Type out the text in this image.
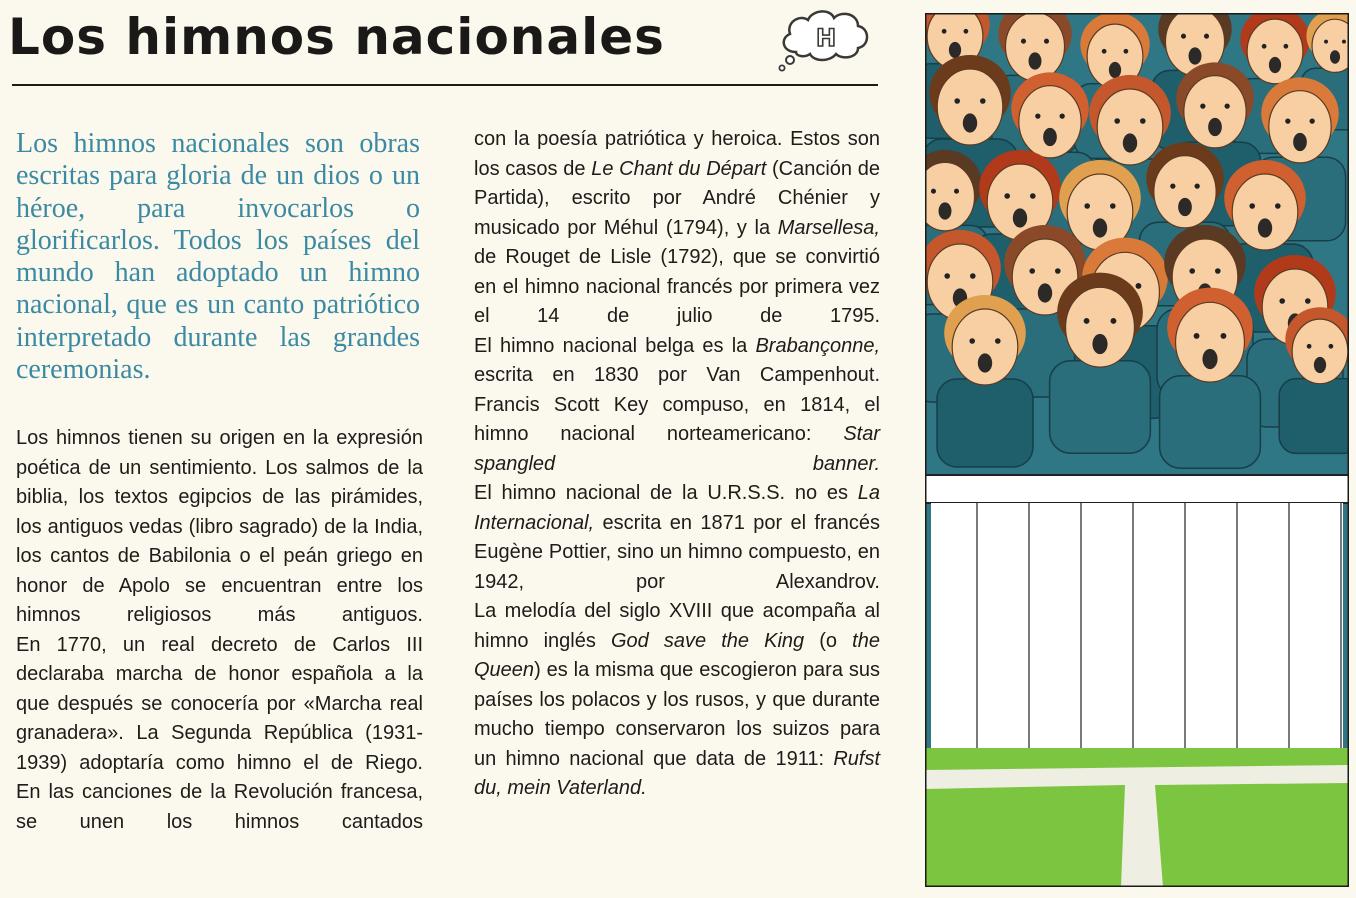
Los himnos nacionales	H

Los himnos nacionales son obras escritas para gloria de un dios o un héroe, para invocarlos o glorificarlos. Todos los países del mundo han adoptado un himno nacional, que es un canto patriótico interpretado durante las grandes ceremonias.

Los himnos tienen su origen en la expresión poética de un sentimiento. Los salmos de la biblia, los textos egipcios de las pirámides, los antiguos vedas (libro sagrado) de la India, los cantos de Babilonia o el peán griego en honor de Apolo se encuentran entre los himnos religiosos más antiguos.

En 1770, un real decreto de Carlos III declaraba marcha de honor española a la que después se conocería por «Marcha real granadera». La Segunda República (1931-1939) adoptaría como himno el de Riego.

En las canciones de la Revolución francesa, se unen los himnos cantados

con la poesía patriótica y heroica. Estos son los casos de Le Chant du Départ (Canción de Partida), escrito por André Chénier y musicado por Méhul (1794), y la Marsellesa, de Rouget de Lisle (1792), que se convirtió en el himno nacional francés por primera vez el 14 de julio de 1795.

El himno nacional belga es la Brabançonne, escrita en 1830 por Van Campenhout. Francis Scott Key compuso, en 1814, el himno nacional norteamericano: Star spangled banner.

El himno nacional de la U.R.S.S. no es La Internacional, escrita en 1871 por el francés Eugène Pottier, sino un himno compuesto, en 1942, por Alexandrov.

La melodía del siglo XVIII que acompaña al himno inglés God save the King (o the Queen) es la misma que escogieron para sus países los polacos y los rusos, y que durante mucho tiempo conservaron los suizos para un himno nacional que data de 1911: Rufst du, mein Vaterland.
